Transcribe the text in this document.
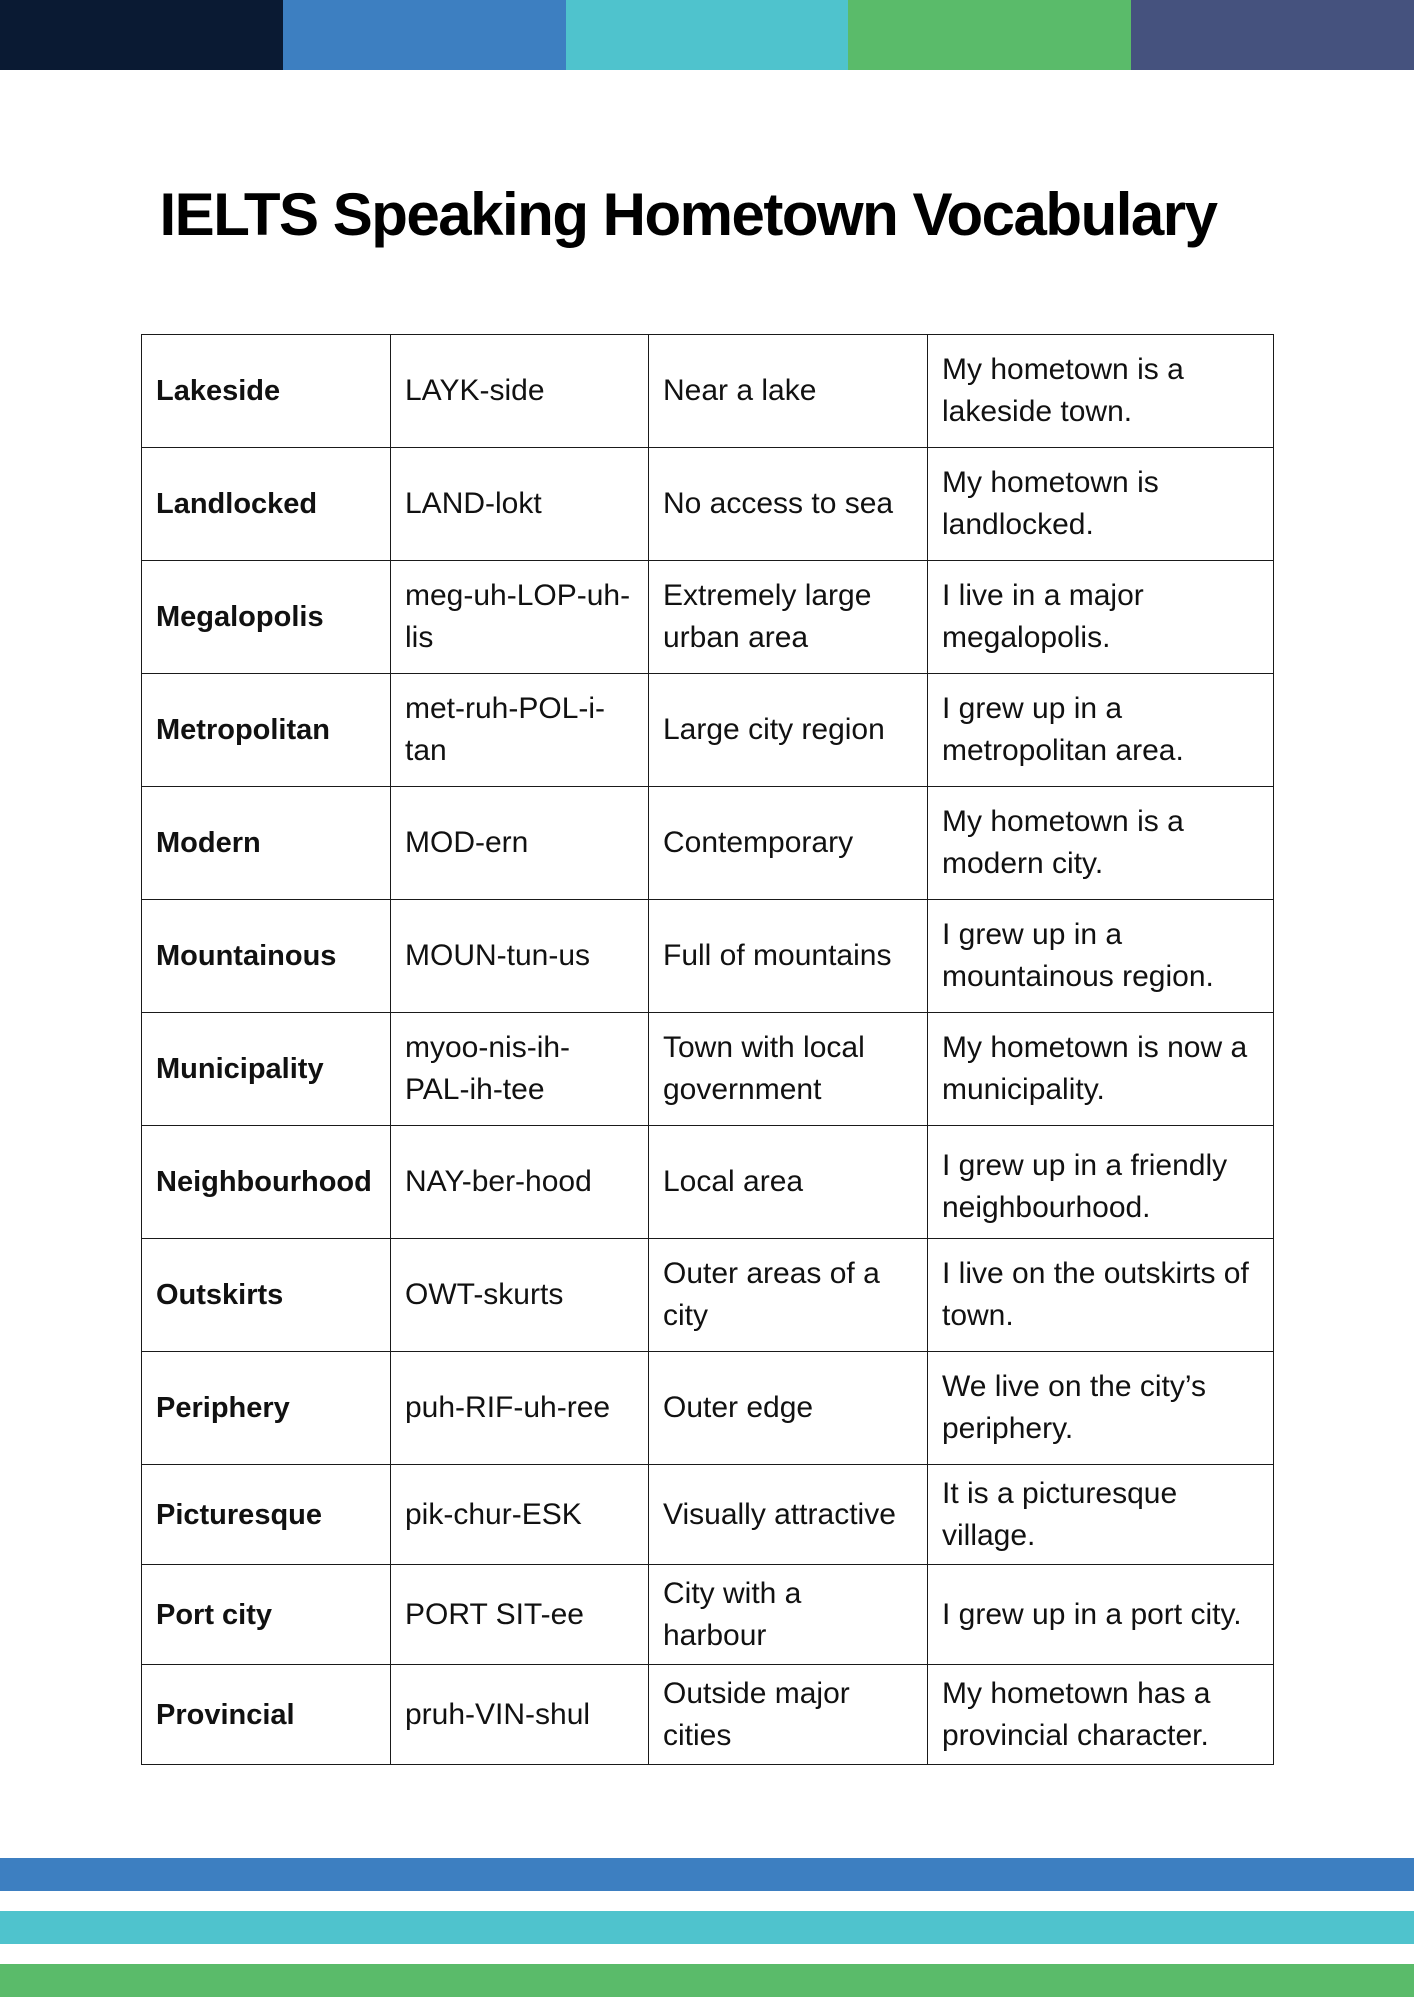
IELTS Speaking Hometown Vocabulary
Lakeside	LAYK-side	Near a lake	My hometown is a lakeside town.

Landlocked	LAND-lokt	No access to sea	My hometown is landlocked.

Megalopolis	meg-uh-LOP-uh-lis	Extremely large urban area	I live in a major megalopolis.

Metropolitan	met-ruh-POL-i-tan	Large city region	I grew up in a metropolitan area.

Modern	MOD-ern	Contemporary	My hometown is a modern city.

Mountainous	MOUN-tun-us	Full of mountains	I grew up in a mountainous region.

Municipality	myoo-nis-ih-PAL-ih-tee	Town with local government	My hometown is now a municipality.

Neighbourhood	NAY-ber-hood	Local area	I grew up in a friendly neighbourhood.

Outskirts	OWT-skurts	Outer areas of a city	I live on the outskirts of town.

Periphery	puh-RIF-uh-ree	Outer edge	We live on the city’s periphery.

Picturesque	pik-chur-ESK	Visually attractive	It is a picturesque village.

Port city	PORT SIT-ee	City with a harbour	I grew up in a port city.

Provincial	pruh-VIN-shul	Outside major cities	My hometown has a provincial character.
